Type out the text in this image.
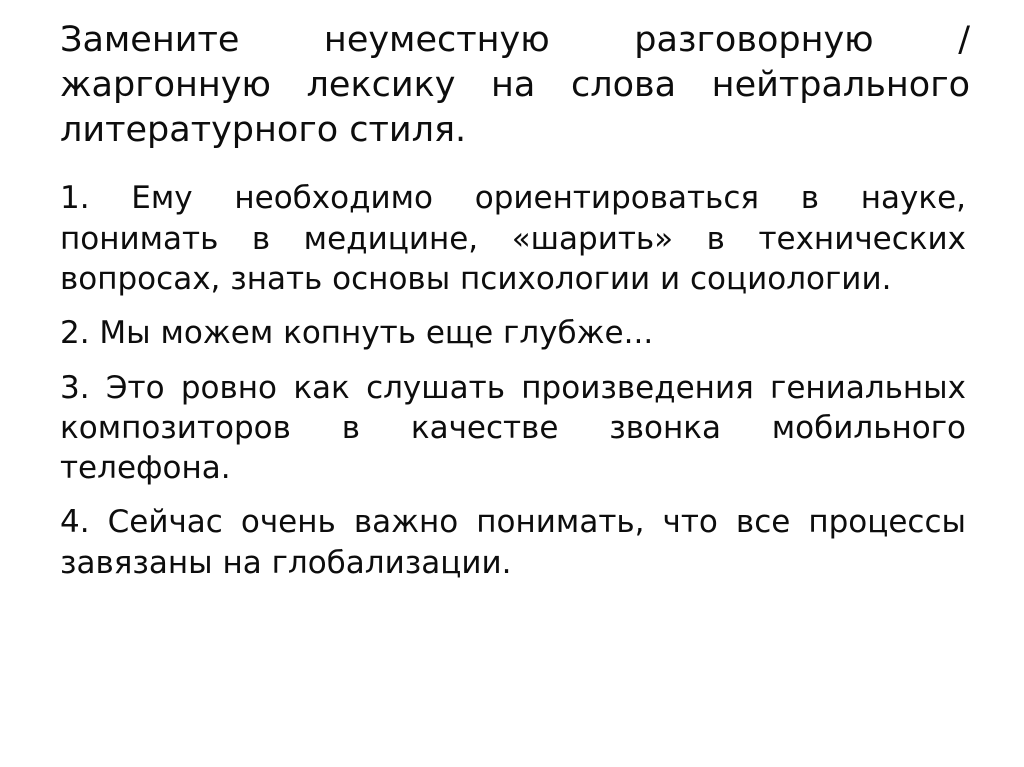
Замените неуместную разговорную / жаргонную лексику на слова нейтрального литературного стиля.
1. Ему необходимо ориентироваться в науке, понимать в медицине, «шарить» в технических вопросах, знать основы психологии и социологии.
2. Мы можем копнуть еще глубже...
3. Это ровно как слушать произведения гениальных композиторов в качестве звонка мобильного телефона.
4. Сейчас очень важно понимать, что все процессы завязаны на глобализации.
